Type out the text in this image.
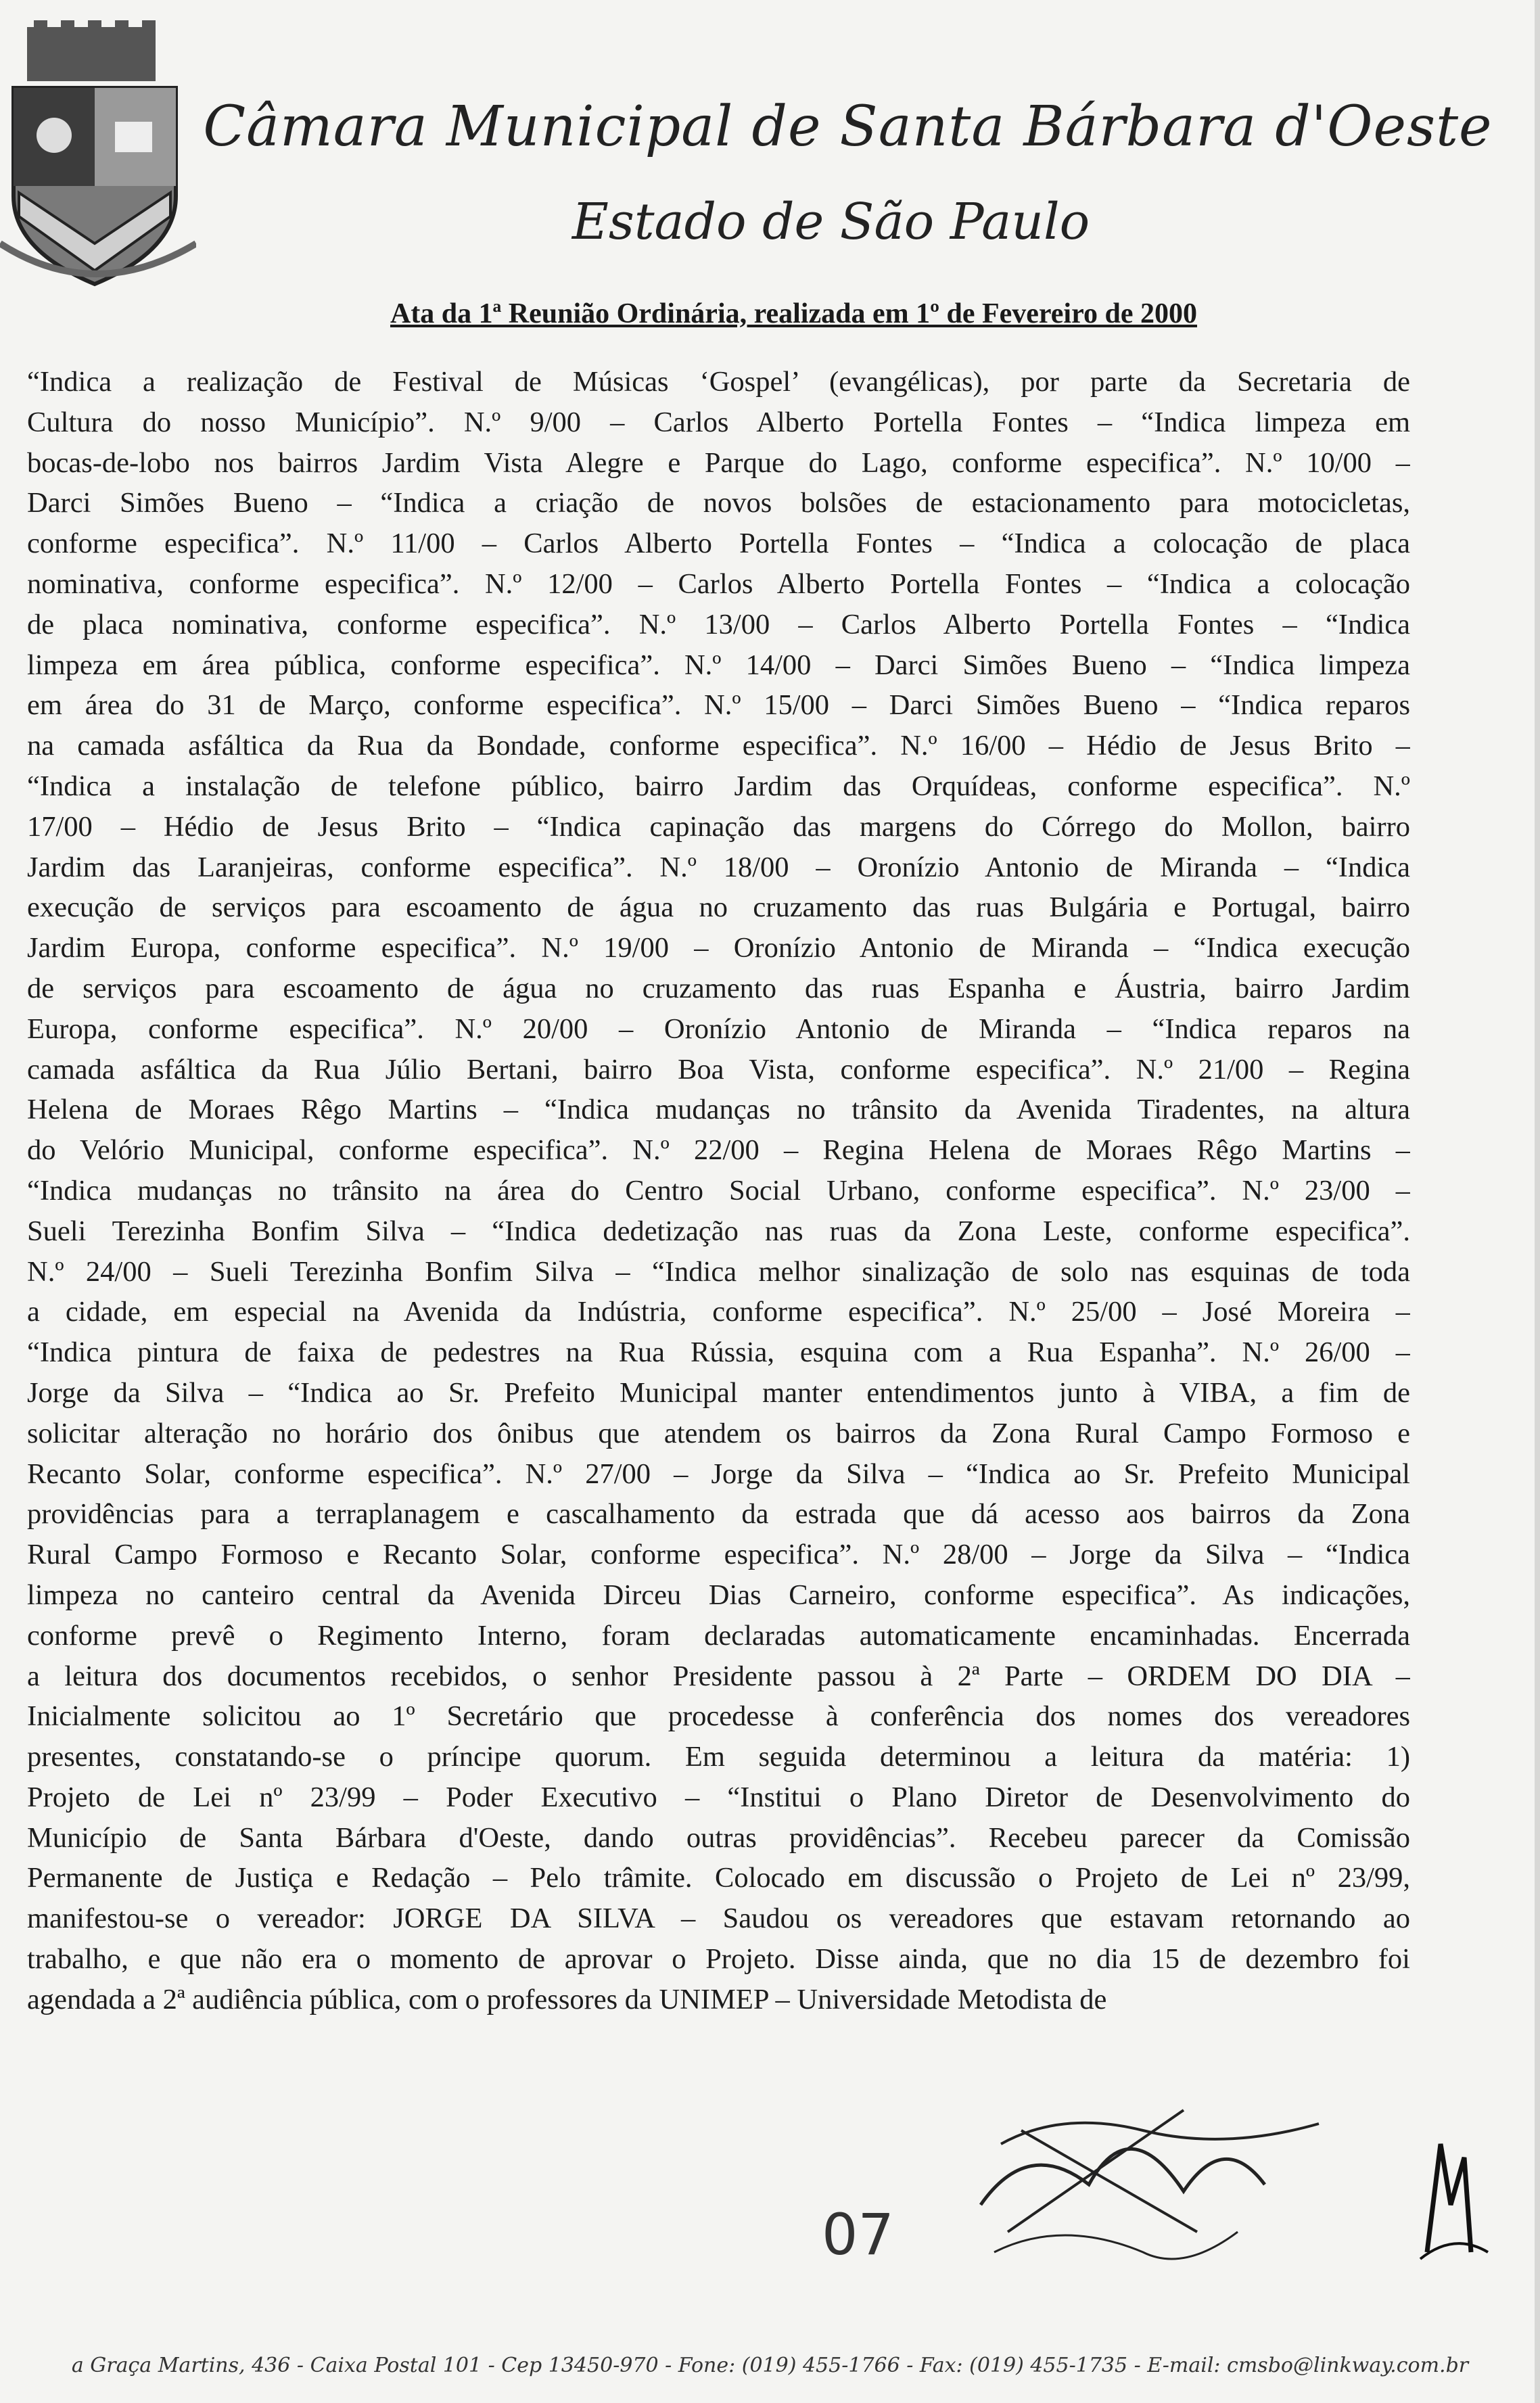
Câmara Municipal de Santa Bárbara d'Oeste
Estado de São Paulo
Ata da 1ª Reunião Ordinária, realizada em 1º de Fevereiro de 2000
“Indica a realização de Festival de Músicas ‘Gospel’ (evangélicas), por parte da Secretaria de
Cultura do nosso Município”. N.º 9/00 – Carlos Alberto Portella Fontes – “Indica limpeza em
bocas-de-lobo nos bairros Jardim Vista Alegre e Parque do Lago, conforme especifica”. N.º 10/00 –
Darci Simões Bueno – “Indica a criação de novos bolsões de estacionamento para motocicletas,
conforme especifica”. N.º 11/00 – Carlos Alberto Portella Fontes – “Indica a colocação de placa
nominativa, conforme especifica”. N.º 12/00 – Carlos Alberto Portella Fontes – “Indica a colocação
de placa nominativa, conforme especifica”. N.º 13/00 – Carlos Alberto Portella Fontes – “Indica
limpeza em área pública, conforme especifica”. N.º 14/00 – Darci Simões Bueno – “Indica limpeza
em área do 31 de Março, conforme especifica”. N.º 15/00 – Darci Simões Bueno – “Indica reparos
na camada asfáltica da Rua da Bondade, conforme especifica”. N.º 16/00 – Hédio de Jesus Brito –
“Indica a instalação de telefone público, bairro Jardim das Orquídeas, conforme especifica”. N.º
17/00 – Hédio de Jesus Brito – “Indica capinação das margens do Córrego do Mollon, bairro
Jardim das Laranjeiras, conforme especifica”. N.º 18/00 – Oronízio Antonio de Miranda – “Indica
execução de serviços para escoamento de água no cruzamento das ruas Bulgária e Portugal, bairro
Jardim Europa, conforme especifica”. N.º 19/00 – Oronízio Antonio de Miranda – “Indica execução
de serviços para escoamento de água no cruzamento das ruas Espanha e Áustria, bairro Jardim
Europa, conforme especifica”. N.º 20/00 – Oronízio Antonio de Miranda – “Indica reparos na
camada asfáltica da Rua Júlio Bertani, bairro Boa Vista, conforme especifica”. N.º 21/00 – Regina
Helena de Moraes Rêgo Martins – “Indica mudanças no trânsito da Avenida Tiradentes, na altura
do Velório Municipal, conforme especifica”. N.º 22/00 – Regina Helena de Moraes Rêgo Martins –
“Indica mudanças no trânsito na área do Centro Social Urbano, conforme especifica”. N.º 23/00 –
Sueli Terezinha Bonfim Silva – “Indica dedetização nas ruas da Zona Leste, conforme especifica”.
N.º 24/00 – Sueli Terezinha Bonfim Silva – “Indica melhor sinalização de solo nas esquinas de toda
a cidade, em especial na Avenida da Indústria, conforme especifica”. N.º 25/00 – José Moreira –
“Indica pintura de faixa de pedestres na Rua Rússia, esquina com a Rua Espanha”. N.º 26/00 –
Jorge da Silva – “Indica ao Sr. Prefeito Municipal manter entendimentos junto à VIBA, a fim de
solicitar alteração no horário dos ônibus que atendem os bairros da Zona Rural Campo Formoso e
Recanto Solar, conforme especifica”. N.º 27/00 – Jorge da Silva – “Indica ao Sr. Prefeito Municipal
providências para a terraplanagem e cascalhamento da estrada que dá acesso aos bairros da Zona
Rural Campo Formoso e Recanto Solar, conforme especifica”. N.º 28/00 – Jorge da Silva – “Indica
limpeza no canteiro central da Avenida Dirceu Dias Carneiro, conforme especifica”. As indicações,
conforme prevê o Regimento Interno, foram declaradas automaticamente encaminhadas. Encerrada
a leitura dos documentos recebidos, o senhor Presidente passou à 2ª Parte – ORDEM DO DIA –
Inicialmente solicitou ao 1º Secretário que procedesse à conferência dos nomes dos vereadores
presentes, constatando-se o príncipe quorum. Em seguida determinou a leitura da matéria: 1)
Projeto de Lei nº 23/99 – Poder Executivo – “Institui o Plano Diretor de Desenvolvimento do
Município de Santa Bárbara d'Oeste, dando outras providências”. Recebeu parecer da Comissão
Permanente de Justiça e Redação – Pelo trâmite. Colocado em discussão o Projeto de Lei nº 23/99,
manifestou-se o vereador: JORGE DA SILVA – Saudou os vereadores que estavam retornando ao
trabalho, e que não era o momento de aprovar o Projeto. Disse ainda, que no dia 15 de dezembro foi
agendada a 2ª audiência pública, com o professores da UNIMEP – Universidade Metodista de
07
a Graça Martins, 436 - Caixa Postal 101 - Cep 13450-970 - Fone: (019) 455-1766 - Fax: (019) 455-1735 - E-mail: cmsbo@linkway.com.br
